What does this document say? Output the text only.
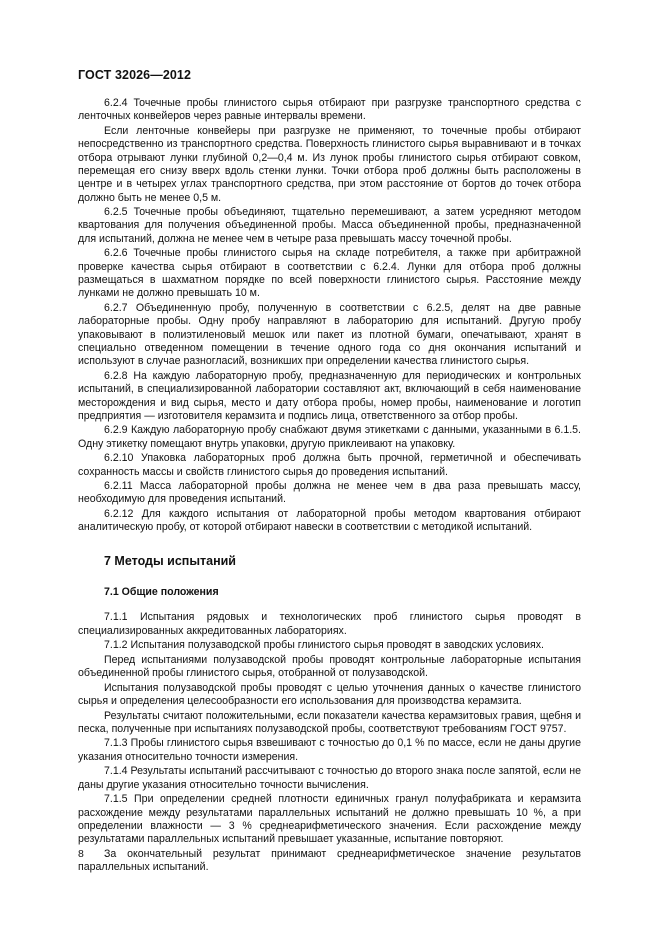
ГОСТ 32026—2012

6.2.4 Точечные пробы глинистого сырья отбирают при разгрузке транспортного средства с ленточных конвейеров через равные интервалы времени.

Если ленточные конвейеры при разгрузке не применяют, то точечные пробы отбирают непосредственно из транспортного средства. Поверхность глинистого сырья выравнивают и в точках отбора отрывают лунки глубиной 0,2—0,4 м. Из лунок пробы глинистого сырья отбирают совком, перемещая его снизу вверх вдоль стенки лунки. Точки отбора проб должны быть расположены в центре и в четырех углах транспортного средства, при этом расстояние от бортов до точек отбора должно быть не менее 0,5 м.

6.2.5 Точечные пробы объединяют, тщательно перемешивают, а затем усредняют методом квартования для получения объединенной пробы. Масса объединенной пробы, предназначенной для испытаний, должна не менее чем в четыре раза превышать массу точечной пробы.

6.2.6 Точечные пробы глинистого сырья на складе потребителя, а также при арбитражной проверке качества сырья отбирают в соответствии с 6.2.4. Лунки для отбора проб должны размещаться в шахматном порядке по всей поверхности глинистого сырья. Расстояние между лунками не должно превышать 10 м.

6.2.7 Объединенную пробу, полученную в соответствии с 6.2.5, делят на две равные лабораторные пробы. Одну пробу направляют в лабораторию для испытаний. Другую пробу упаковывают в полиэтиленовый мешок или пакет из плотной бумаги, опечатывают, хранят в специально отведенном помещении в течение одного года со дня окончания испытаний и используют в случае разногласий, возникших при определении качества глинистого сырья.

6.2.8 На каждую лабораторную пробу, предназначенную для периодических и контрольных испытаний, в специализированной лаборатории составляют акт, включающий в себя наименование месторождения и вид сырья, место и дату отбора пробы, номер пробы, наименование и логотип предприятия — изготовителя керамзита и подпись лица, ответственного за отбор пробы.

6.2.9 Каждую лабораторную пробу снабжают двумя этикетками с данными, указанными в 6.1.5. Одну этикетку помещают внутрь упаковки, другую приклеивают на упаковку.

6.2.10 Упаковка лабораторных проб должна быть прочной, герметичной и обеспечивать сохранность массы и свойств глинистого сырья до проведения испытаний.

6.2.11 Масса лабораторной пробы должна не менее чем в два раза превышать массу, необходимую для проведения испытаний.

6.2.12 Для каждого испытания от лабораторной пробы методом квартования отбирают аналитическую пробу, от которой отбирают навески в соответствии с методикой испытаний.

7 Методы испытаний
7.1 Общие положения

7.1.1 Испытания рядовых и технологических проб глинистого сырья проводят в специализированных аккредитованных лабораториях.

7.1.2 Испытания полузаводской пробы глинистого сырья проводят в заводских условиях.

Перед испытаниями полузаводской пробы проводят контрольные лабораторные испытания объединенной пробы глинистого сырья, отобранной от полузаводской.

Испытания полузаводской пробы проводят с целью уточнения данных о качестве глинистого сырья и определения целесообразности его использования для производства керамзита.

Результаты считают положительными, если показатели качества керамзитовых гравия, щебня и песка, полученные при испытаниях полузаводской пробы, соответствуют требованиям ГОСТ 9757.

7.1.3 Пробы глинистого сырья взвешивают с точностью до 0,1 % по массе, если не даны другие указания относительно точности измерения.

7.1.4 Результаты испытаний рассчитывают с точностью до второго знака после запятой, если не даны другие указания относительно точности вычисления.

7.1.5 При определении средней плотности единичных гранул полуфабриката и керамзита расхождение между результатами параллельных испытаний не должно превышать 10 %, а при определении влажности — 3 % среднеарифметического значения. Если расхождение между результатами параллельных испытаний превышает указанные, испытание повторяют.

За окончательный результат принимают среднеарифметическое значение результатов параллельных испытаний.

8
